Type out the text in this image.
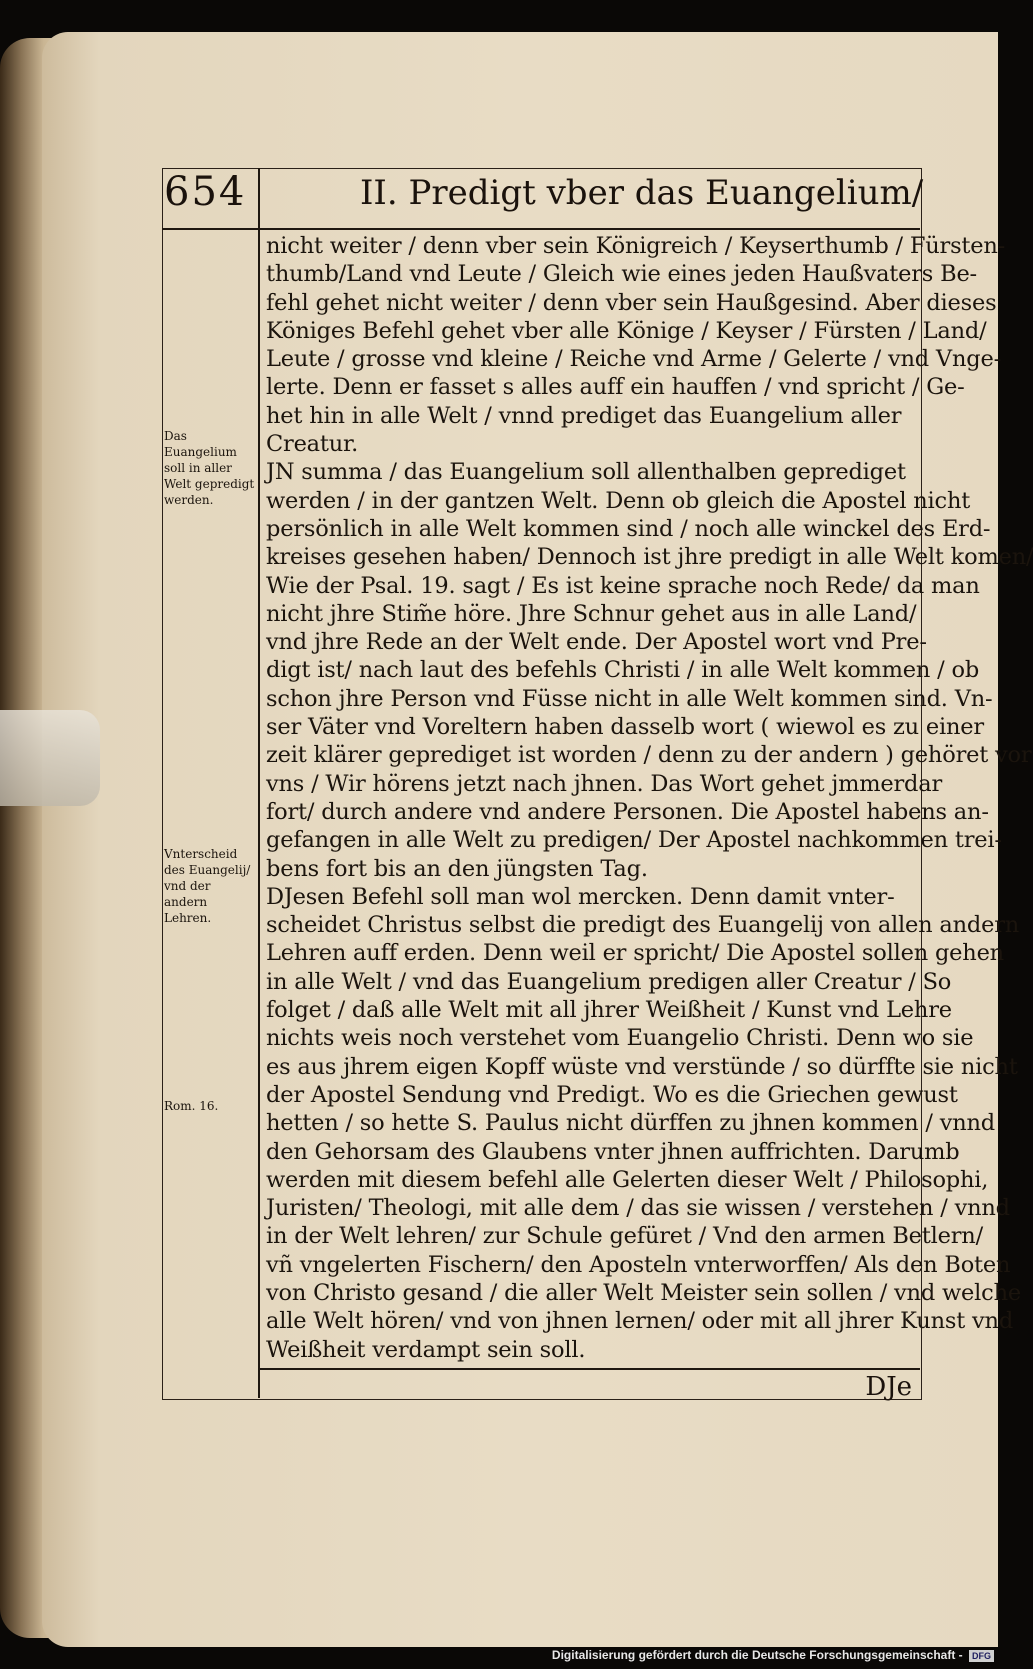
654	II. Predigt vber das Euangelium/
nicht weiter / denn vber sein Königreich / Keyserthumb / Fürsten-
thumb/Land vnd Leute / Gleich wie eines jeden Haußvaters Be-
fehl gehet nicht weiter / denn vber sein Haußgesind. Aber dieses
Königes Befehl gehet vber alle Könige / Keyser / Fürsten / Land/
Leute / grosse vnd kleine / Reiche vnd Arme / Gelerte / vnd Vnge-
lerte. Denn er fasset s alles auff ein hauffen / vnd spricht / Ge-
het hin in alle Welt / vnnd prediget das Euangelium aller
Creatur.
JN summa / das Euangelium soll allenthalben geprediget
werden / in der gantzen Welt. Denn ob gleich die Apostel nicht
persönlich in alle Welt kommen sind / noch alle winckel des Erd-
kreises gesehen haben/ Dennoch ist jhre predigt in alle Welt komen/
Wie der Psal. 19. sagt / Es ist keine sprache noch Rede/ da man
nicht jhre Stim̃e höre. Jhre Schnur gehet aus in alle Land/
vnd jhre Rede an der Welt ende. Der Apostel wort vnd Pre-
digt ist/ nach laut des befehls Christi / in alle Welt kommen / ob
schon jhre Person vnd Füsse nicht in alle Welt kommen sind. Vn-
ser Väter vnd Voreltern haben dasselb wort ( wiewol es zu einer
zeit klärer geprediget ist worden / denn zu der andern ) gehöret vor
vns / Wir hörens jetzt nach jhnen. Das Wort gehet jmmerdar
fort/ durch andere vnd andere Personen. Die Apostel habens an-
gefangen in alle Welt zu predigen/ Der Apostel nachkommen trei-
bens fort bis an den jüngsten Tag.
DJesen Befehl soll man wol mercken. Denn damit vnter-
scheidet Christus selbst die predigt des Euangelij von allen andern
Lehren auff erden. Denn weil er spricht/ Die Apostel sollen gehen
in alle Welt / vnd das Euangelium predigen aller Creatur / So
folget / daß alle Welt mit all jhrer Weißheit / Kunst vnd Lehre
nichts weis noch verstehet vom Euangelio Christi. Denn wo sie
es aus jhrem eigen Kopff wüste vnd verstünde / so dürffte sie nicht
der Apostel Sendung vnd Predigt. Wo es die Griechen gewust
hetten / so hette S. Paulus nicht dürffen zu jhnen kommen / vnnd
den Gehorsam des Glaubens vnter jhnen auffrichten. Darumb
werden mit diesem befehl alle Gelerten dieser Welt / Philosophi,
Juristen/ Theologi, mit alle dem / das sie wissen / verstehen / vnnd
in der Welt lehren/ zur Schule gefüret / Vnd den armen Betlern/
vñ vngelerten Fischern/ den Aposteln vnterworffen/ Als den Boten
von Christo gesand / die aller Welt Meister sein sollen / vnd welche
alle Welt hören/ vnd von jhnen lernen/ oder mit all jhrer Kunst vnd
Weißheit verdampt sein soll.
Das Euangelium soll in aller Welt gepredigt werden.
Vnterscheid des Euangelij/ vnd der andern Lehren.
Rom. 16.
DJe
Digitalisierung gefördert durch die Deutsche Forschungsgemeinschaft - DFG
